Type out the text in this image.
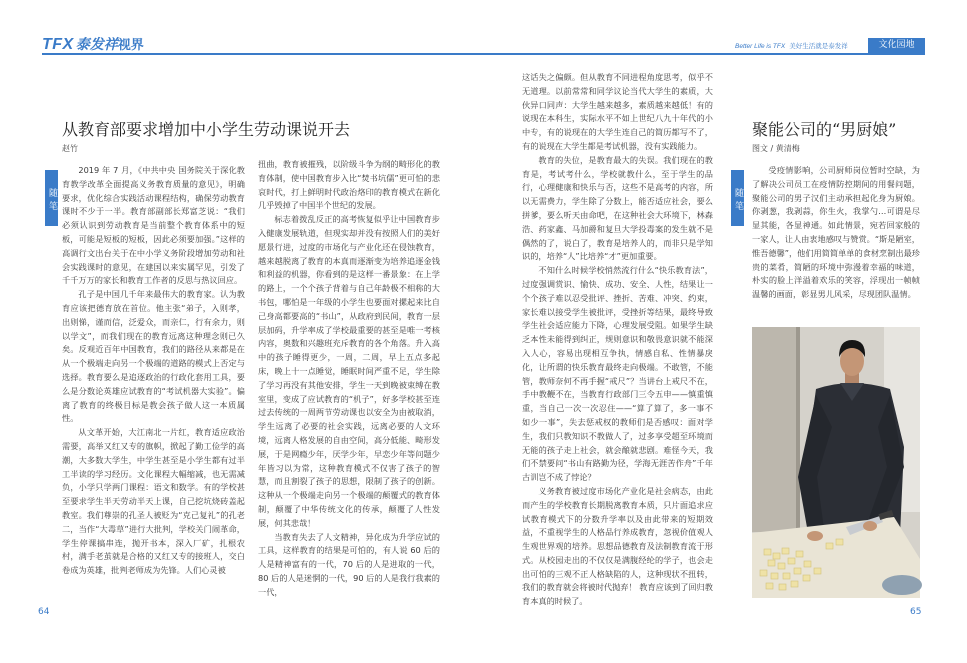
TFX 泰发祥视界	Better Life is TFX 美好生活就是泰发祥	文化园地
随笔
从教育部要求增加中小学生劳动课说开去
赵竹

2019 年 7 月，《中共中央 国务院关于深化教育教学改革全面提高义务教育质量的意见》，明确要求，优化综合实践活动课程结构，确保劳动教育课时不少于一半。教育部副部长郑富芝说：“我们必须认识到劳动教育是当前整个教育体系中的短板，可能是短板的短板，因此必须要加强。”这样的高调行文出台关于在中小学义务阶段增加劳动和社会实践课时的意见，在建国以来实属罕见，引发了千千万万的家长和教育工作者的反思与热议回应。

孔子是中国几千年来最伟大的教育家。认为教育应该把德育放在首位。他主张“弟子，入则孝，出则悌，谨而信，泛爱众，而亲仁，行有余力，则以学文”，而我们现在的教育远离这种理念则已久矣。反观近百年中国教育，我们的路径从来都是在从一个极端走向另一个极端的道路的模式上否定与选择。教育要么是追逐政治的行政化套用工具，要么是分数论英雄应试教育的“考试机器大实验”。偏离了教育的终极目标是教会孩子做人这一本质属性。

从文革开始，大江南北一片红，教育适应政治需要，高举又红又专的旗帜，掀起了勤工俭学的高潮，大多数大学生，中学生甚至是小学生都有过半工半读的学习经历。文化课程大幅缩减，也无需减负，小学只学两门课程：语文和数学。有的学校甚至要求学生半天劳动半天上课，自己挖坑烧砖盖起教室。我们尊崇的孔圣人被贬为“克己复礼”的孔老二，当作“大毒草”进行大批判，学校关门闹革命，学生停课搞串连，抛开书本，深入厂矿，扎根农村，满手老茧就是合格的又红又专的接班人，交白卷成为英雄，批判老师成为先锋。人们心灵被

扭曲，教育被摧残，以阶级斗争为纲的畸形化的教育体制，使中国教育步入比“焚书坑儒”更可怕的悲哀时代，打上鲜明时代政治烙印的教育模式在新化几乎毁掉了中国半个世纪的发展。

标志着拨乱反正的高考恢复似乎让中国教育步入健康发展轨道，但现实却并没有按照人们的美好愿景行进，过度的市场化与产业化还在侵蚀教育，越来越脱离了教育的本真而逐渐变为培养追逐金钱和利益的机器，你看到的是这样一番景象：在上学的路上，一个个孩子背着与自己年龄极不相称的大书包，哪怕是一年级的小学生也要面对摞起来比自己身高都要高的“书山”，从政府到民间，教育一层层加码，升学率成了学校最重要的甚至是唯一考核内容，奥数和兴趣班充斥教育的各个角落。升入高中的孩子睡得更少，一周，二周，早上五点多起床，晚上十一点睡觉，睡眠时间严重不足，学生除了学习再没有其他安排，学生一天到晚被束缚在教室里，变成了应试教育的“机子”，好多学校甚至连过去传统的一周两节劳动课也以安全为由被取消，学生远离了必要的社会实践，远离必要的人文环境，远离人格发展的自由空间，高分低能、畸形发展，于是网瘾少年，厌学少年，早恋少年等问题少年皆习以为常，这种教育模式不仅害了孩子的智慧，而且割裂了孩子的思想，限制了孩子的创新。这种从一个极端走向另一个极端的颠覆式的教育体制，颠覆了中华传统文化的传承，颠覆了人性发展，何其悲哉！

当教育失去了人文精神，异化成为升学应试的工具，这样教育的结果是可怕的，有人说 60 后的人是精神富有的一代，70 后的人是进取的一代，80 后的人是迷惘的一代，90 后的人是我行我素的一代，

这话失之偏颇。但从教育不同进程角度思考，似乎不无道理。以前常常和同学议论当代大学生的素质，大伙异口同声：大学生越来越多，素质越来越低！有的说现在本科生，实际水平不如上世纪八九十年代的小中专，有的说现在的大学生连自己的简历都写不了，有的说现在大学生都是考试机器，没有实践能力。

教育的失位，是教育最大的失误。我们现在的教育是，考试考什么，学校就教什么，至于学生的品行，心理健康和快乐与否，这些不是高考的内容，所以无需费力，学生除了分数上，能否适应社会，要么拼爹，要么听天由命吧，在这种社会大环境下，林森浩、药家鑫、马加爵和复旦大学投毒案的发生就不是偶然的了，说白了，教育是培养人的，而非只是学知识的，培养“人”比培养“才”更加重要。

不知什么时候学校悄然流行什么“快乐教育法”，过度强调赏识、愉快、成功、安全、人性，结果让一个个孩子难以忍受批评、挫折、苦难、冲突、约束，家长难以接受学生被批评，受挫折等结果，最终导致学生社会适应能力下降，心理发展受阻。如果学生缺乏本性未能得到纠正，规则意识和敬畏意识就不能深入人心，容易出现相互争执，情感自私、性情暴戾化，让所谓的快乐教育最终走向极端。不敢管，不能管，教师奈何不再手握“戒尺”？当讲台上戒尺不在，手中教鞭不在，当教育行政部门三令五申——慎重慎重，当自己一次一次忍住——“算了算了，多一事不如少一事”，失去惩戒权的教师们是否感叹：面对学生，我们只教知识不教做人了，过多享受超至环境而无能的孩子走上社会，就会酿就悲剧。难怪今天，我们不禁要问“书山有路勤为径，学海无涯苦作舟”千年古训岂不成了悖论？

义务教育被过度市场化产业化是社会病态，由此而产生的学校教育长期脱离教育本质，只片面追求应试教育模式下的分数升学率以及由此带来的短期效益，不重视学生的人格品行养成教育，忽视价值观人生观世界观的培养。思想品德教育及法制教育流于形式。从校园走出的不仅仅是满腹经纶的学子，也会走出可怕的三观不正人格缺陷的人，这种现状不扭转，我们的教育就会将被时代抛弃！ 教育应该到了回归教育本真的时候了。

随笔
聚能公司的“男厨娘”
图文 / 黄清梅

受疫情影响，公司厨师岗位暂时空缺，为了解决公司员工在疫情防控期间的用餐问题，聚能公司的男子汉们主动承担起化身为厨娘。你剥葱，我剥蒜，你生火，我掌勺…可谓是尽显其能，各显神通。如此情景，宛若回家般的一家人，让人由衷地感叹与赞赏。“斯是陋室，惟吾德馨”，他们用简简单单的食材烹制出最珍贵的菜肴，简陋的环境中弥漫着幸福的味道，朴实的脸上洋溢着欢乐的笑容，浮现出一帧帧温馨的画面，彰显男儿风采，尽现团队温情。

64	65
